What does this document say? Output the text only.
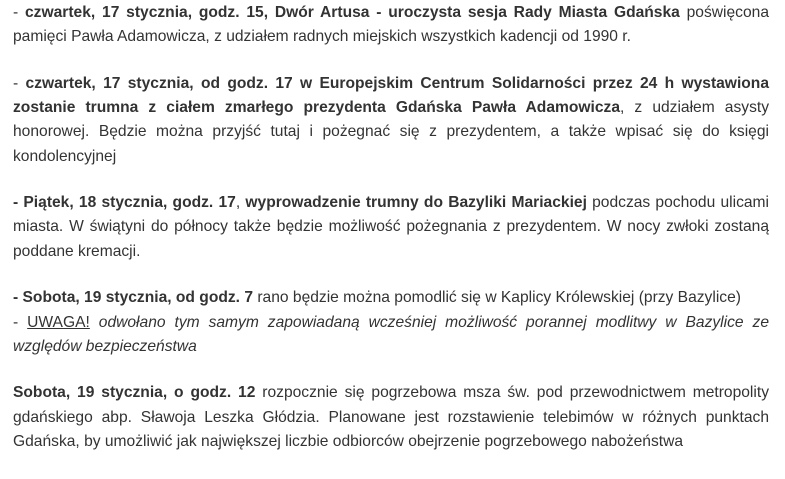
- czwartek, 17 stycznia, godz. 15, Dwór Artusa - uroczysta sesja Rady Miasta Gdańska poświęcona pamięci Pawła Adamowicza, z udziałem radnych miejskich wszystkich kadencji od 1990 r.

- czwartek, 17 stycznia, od godz. 17 w Europejskim Centrum Solidarności przez 24 h wystawiona zostanie trumna z ciałem zmarłego prezydenta Gdańska Pawła Adamowicza, z udziałem asysty honorowej. Będzie można przyjść tutaj i pożegnać się z prezydentem, a także wpisać się do księgi kondolencyjnej

- Piątek, 18 stycznia, godz. 17, wyprowadzenie trumny do Bazyliki Mariackiej podczas pochodu ulicami miasta. W świątyni do północy także będzie możliwość pożegnania z prezydentem. W nocy zwłoki zostaną poddane kremacji.

- Sobota, 19 stycznia, od godz. 7 rano będzie można pomodlić się w Kaplicy Królewskiej (przy Bazylice)
- UWAGA! odwołano tym samym zapowiadaną wcześniej możliwość porannej modlitwy w Bazylice ze względów bezpieczeństwa

Sobota, 19 stycznia, o godz. 12 rozpocznie się pogrzebowa msza św. pod przewodnictwem metropolity gdańskiego abp. Sławoja Leszka Głódzia. Planowane jest rozstawienie telebimów w różnych punktach Gdańska, by umożliwić jak największej liczbie odbiorców obejrzenie pogrzebowego nabożeństwa
